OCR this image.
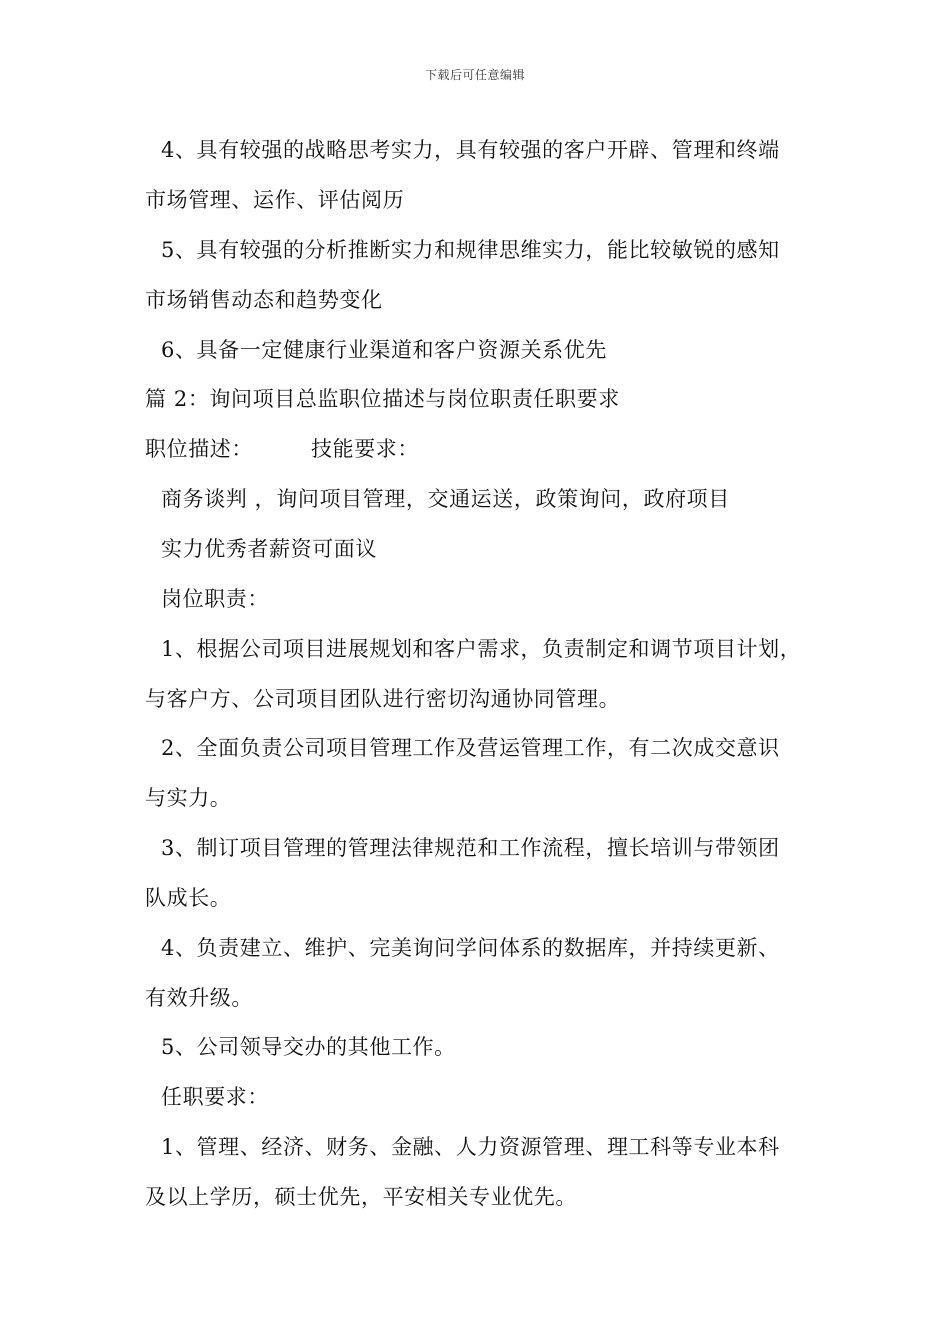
下载后可任意编辑
4、具有较强的战略思考实力，具有较强的客户开辟、管理和终端
市场管理、运作、评估阅历
5、具有较强的分析推断实力和规律思维实力，能比较敏锐的感知
市场销售动态和趋势变化
6、具备一定健康行业渠道和客户资源关系优先
篇 2：询问项目总监职位描述与岗位职责任职要求
职位描述：	技能要求：
商务谈判 ，询问项目管理，交通运送，政策询问，政府项目
实力优秀者薪资可面议
岗位职责：
1、根据公司项目进展规划和客户需求，负责制定和调节项目计划，
与客户方、公司项目团队进行密切沟通协同管理。
2、全面负责公司项目管理工作及营运管理工作，有二次成交意识
与实力。
3、制订项目管理的管理法律规范和工作流程，擅长培训与带领团
队成长。
4、负责建立、维护、完美询问学问体系的数据库，并持续更新、
有效升级。
5、公司领导交办的其他工作。
任职要求：
1、管理、经济、财务、金融、人力资源管理、理工科等专业本科
及以上学历，硕士优先，平安相关专业优先。
